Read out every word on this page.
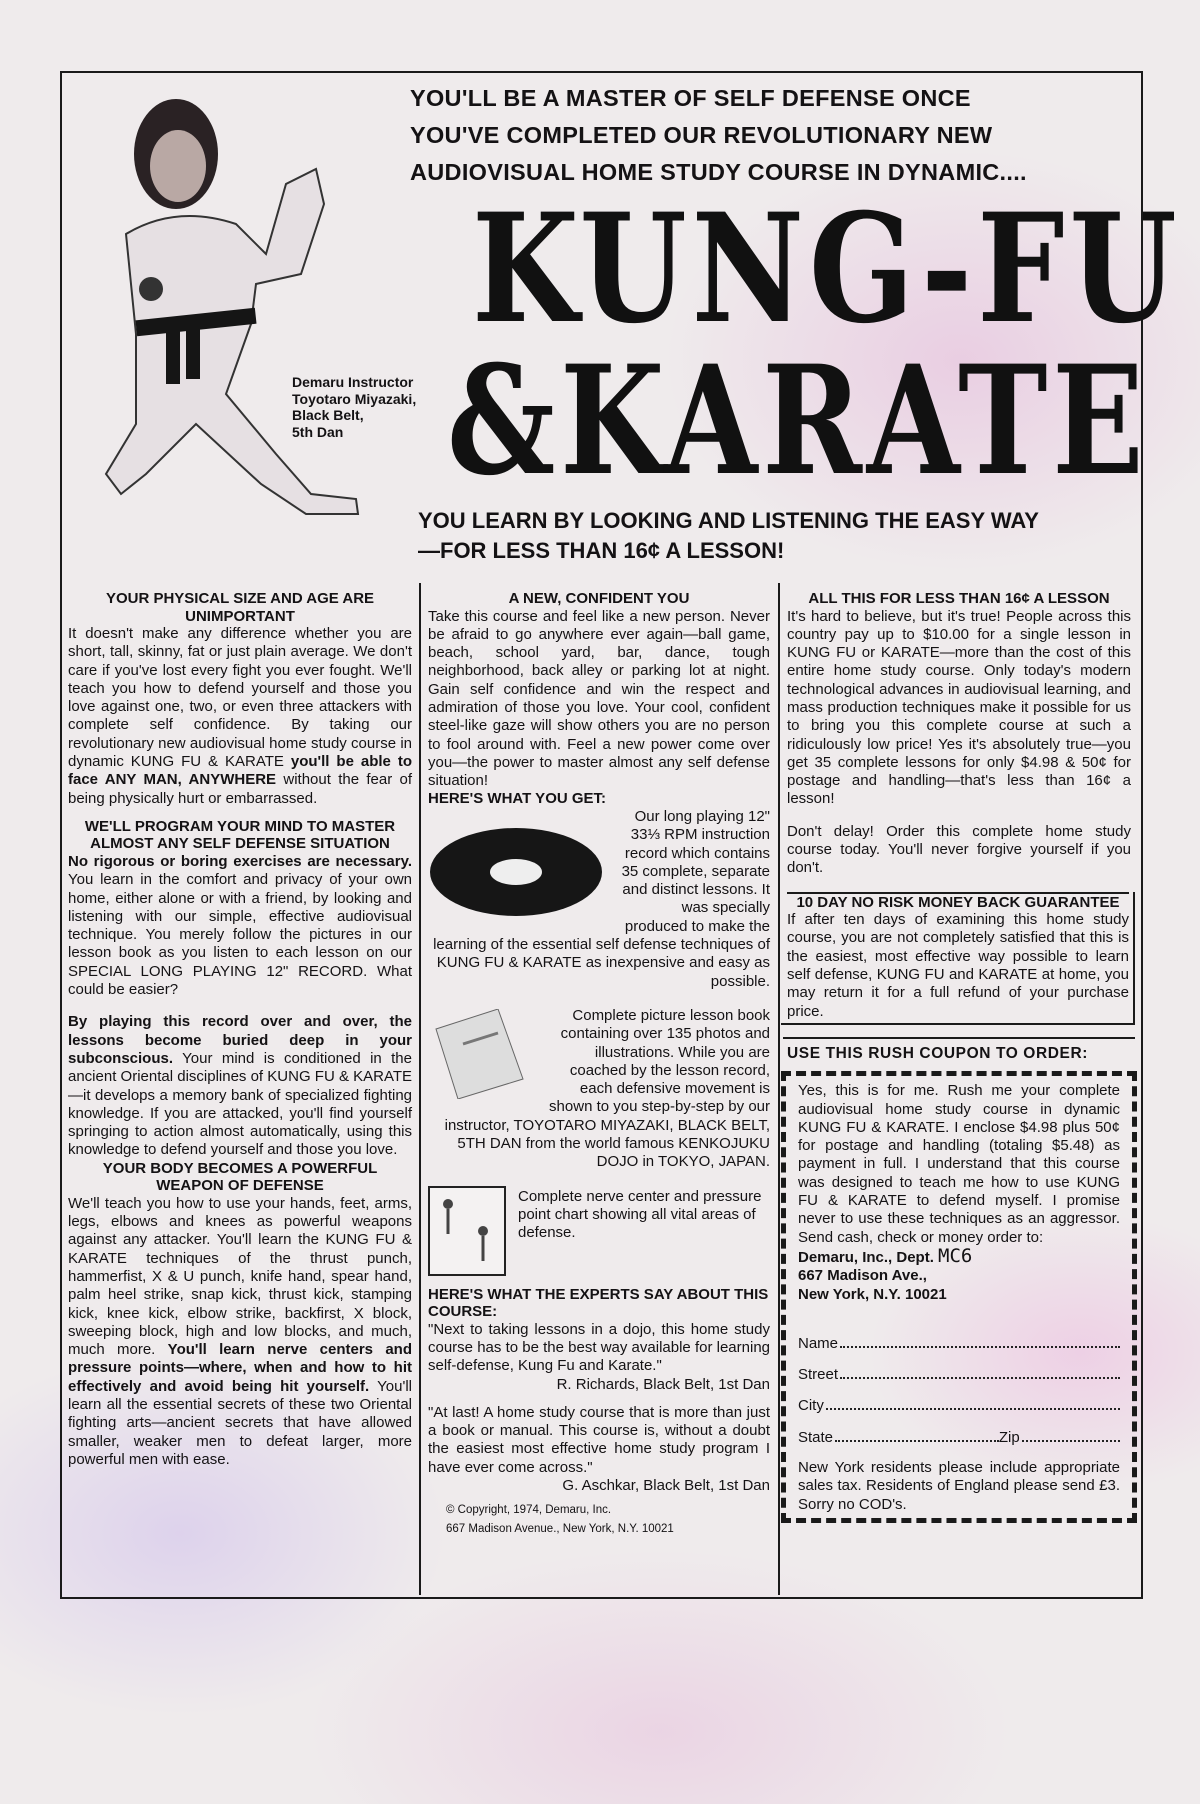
Demaru Instructor
Toyotaro Miyazaki,
Black Belt,
5th Dan
YOU'LL BE A MASTER OF SELF DEFENSE ONCE
YOU'VE COMPLETED OUR REVOLUTIONARY NEW
AUDIOVISUAL HOME STUDY COURSE IN DYNAMIC....
KUNG-FU
&KARATE
YOU LEARN BY LOOKING AND LISTENING THE EASY WAY
—FOR LESS THAN 16¢ A LESSON!
YOUR PHYSICAL SIZE AND AGE ARE UNIMPORTANT

It doesn't make any difference whether you are short, tall, skinny, fat or just plain average. We don't care if you've lost every fight you ever fought. We'll teach you how to defend yourself and those you love against one, two, or even three attackers with complete self confidence. By taking our revolutionary new audiovisual home study course in dynamic KUNG FU & KARATE you'll be able to face ANY MAN, ANYWHERE without the fear of being physically hurt or embarrassed.

WE'LL PROGRAM YOUR MIND TO MASTER ALMOST ANY SELF DEFENSE SITUATION

No rigorous or boring exercises are necessary. You learn in the comfort and privacy of your own home, either alone or with a friend, by looking and listening with our simple, effective audiovisual technique. You merely follow the pictures in our lesson book as you listen to each lesson on our SPECIAL LONG PLAYING 12" RECORD. What could be easier?

By playing this record over and over, the lessons become buried deep in your subconscious. Your mind is conditioned in the ancient Oriental disciplines of KUNG FU & KARATE—it develops a memory bank of specialized fighting knowledge. If you are attacked, you'll find yourself springing to action almost automatically, using this knowledge to defend yourself and those you love.

YOUR BODY BECOMES A POWERFUL WEAPON OF DEFENSE

We'll teach you how to use your hands, feet, arms, legs, elbows and knees as powerful weapons against any attacker. You'll learn the KUNG FU & KARATE techniques of the thrust punch, hammerfist, X & U punch, knife hand, spear hand, palm heel strike, snap kick, thrust kick, stamping kick, knee kick, elbow strike, backfirst, X block, sweeping block, high and low blocks, and much, much more. You'll learn nerve centers and pressure points—where, when and how to hit effectively and avoid being hit yourself. You'll learn all the essential secrets of these two Oriental fighting arts—ancient secrets that have allowed smaller, weaker men to defeat larger, more powerful men with ease.

A NEW, CONFIDENT YOU

Take this course and feel like a new person. Never be afraid to go anywhere ever again—ball game, beach, school yard, bar, dance, tough neighborhood, back alley or parking lot at night. Gain self confidence and win the respect and admiration of those you love. Your cool, confident steel-like gaze will show others you are no person to fool around with. Feel a new power come over you—the power to master almost any self defense situation!

HERE'S WHAT YOU GET:

Our long playing 12" 33⅓ RPM instruction record which contains 35 complete, separate and distinct lessons. It was specially produced to make the learning of the essential self defense techniques of KUNG FU & KARATE as inexpensive and easy as possible.

Complete picture lesson book containing over 135 photos and illustrations. While you are coached by the lesson record, each defensive movement is shown to you step-by-step by our instructor, TOYOTARO MIYAZAKI, BLACK BELT, 5TH DAN from the world famous KENKOJUKU DOJO in TOKYO, JAPAN.

Complete nerve center and pressure point chart showing all vital areas of defense.

HERE'S WHAT THE EXPERTS SAY ABOUT THIS COURSE:

"Next to taking lessons in a dojo, this home study course has to be the best way available for learning self-defense, Kung Fu and Karate."

R. Richards, Black Belt, 1st Dan

"At last! A home study course that is more than just a book or manual. This course is, without a doubt the easiest most effective home study program I have ever come across."

G. Aschkar, Black Belt, 1st Dan

© Copyright, 1974, Demaru, Inc.
667 Madison Avenue., New York, N.Y. 10021
ALL THIS FOR LESS THAN 16¢ A LESSON

It's hard to believe, but it's true! People across this country pay up to $10.00 for a single lesson in KUNG FU or KARATE—more than the cost of this entire home study course. Only today's modern technological advances in audiovisual learning, and mass production techniques make it possible for us to bring you this complete course at such a ridiculously low price! Yes it's absolutely true—you get 35 complete lessons for only $4.98 & 50¢ for postage and handling—that's less than 16¢ a lesson!

Don't delay! Order this complete home study course today. You'll never forgive yourself if you don't.

10 DAY NO RISK MONEY BACK GUARANTEE

If after ten days of examining this home study course, you are not completely satisfied that this is the easiest, most effective way possible to learn self defense, KUNG FU and KARATE at home, you may return it for a full refund of your purchase price.

USE THIS RUSH COUPON TO ORDER:

Yes, this is for me. Rush me your complete audiovisual home study course in dynamic KUNG FU & KARATE. I enclose $4.98 plus 50¢ for postage and handling (totaling $5.48) as payment in full. I understand that this course was designed to teach me how to use KUNG FU & KARATE to defend myself. I promise never to use these techniques as an aggressor. Send cash, check or money order to:

Demaru, Inc., Dept. MC6
667 Madison Ave.,
New York, N.Y. 10021
Name
Street
City
State	Zip

New York residents please include appropriate sales tax. Residents of England please send £3. Sorry no COD's.
